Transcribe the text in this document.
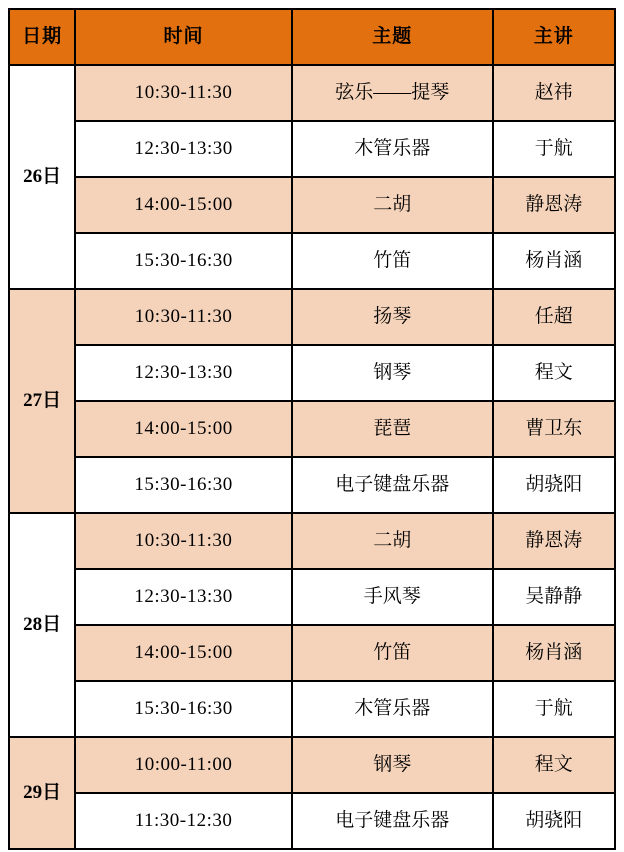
日期	时间	主题	主讲
26日	10:30-11:30	弦乐——提琴	赵祎
	12:30-13:30	木管乐器	于航
	14:00-15:00	二胡	静恩涛
	15:30-16:30	竹笛	杨肖涵
27日	10:30-11:30	扬琴	任超
	12:30-13:30	钢琴	程文
	14:00-15:00	琵琶	曹卫东
	15:30-16:30	电子键盘乐器	胡骁阳
28日	10:30-11:30	二胡	静恩涛
	12:30-13:30	手风琴	吴静静
	14:00-15:00	竹笛	杨肖涵
	15:30-16:30	木管乐器	于航
29日	10:00-11:00	钢琴	程文
	11:30-12:30	电子键盘乐器	胡骁阳
